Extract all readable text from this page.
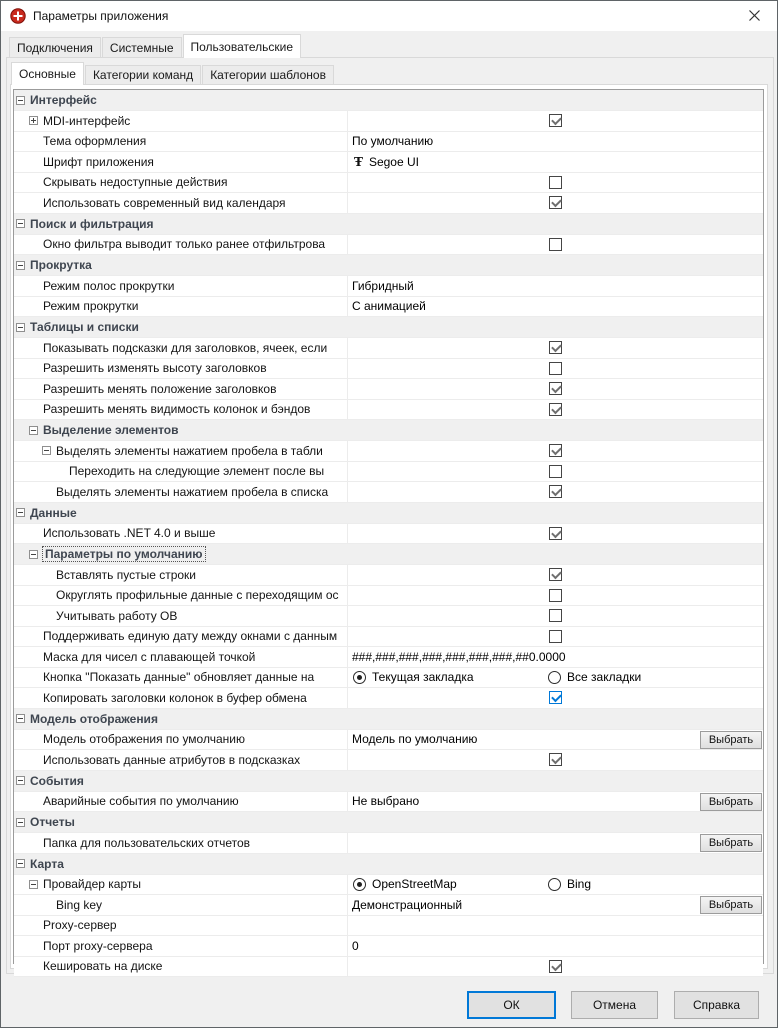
Параметры приложения
Подключения Системные Пользовательские
Основные Категории команд Категории шаблонов
Интерфейс
MDI-интерфейс
Тема оформления	По умолчанию
Шрифт приложения	Ŧ Segoe UI
Скрывать недоступные действия
Использовать современный вид календаря
Поиск и фильтрация
Окно фильтра выводит только ранее отфильтрова
Прокрутка
Режим полос прокрутки	Гибридный
Режим прокрутки	С анимацией
Таблицы и списки
Показывать подсказки для заголовков, ячеек, если
Разрешить изменять высоту заголовков
Разрешить менять положение заголовков
Разрешить менять видимость колонок и бэндов
Выделение элементов
Выделять элементы нажатием пробела в табли
Переходить на следующие элемент после вы
Выделять элементы нажатием пробела в списка
Данные
Использовать .NET 4.0 и выше
Параметры по умолчанию
Вставлять пустые строки
Округлять профильные данные с переходящим ос
Учитывать работу ОВ
Поддерживать единую дату между окнами с данным
Маска для чисел с плавающей точкой	###,###,###,###,###,###,###,##0.0000
Кнопка "Показать данные" обновляет данные на	Текущая закладка	Все закладки
Копировать заголовки колонок в буфер обмена
Модель отображения
Модель отображения по умолчанию	Модель по умолчанию	Выбрать
Использовать данные атрибутов в подсказках
События
Аварийные события по умолчанию	Не выбрано	Выбрать
Отчеты
Папка для пользовательских отчетов	Выбрать
Карта
Провайдер карты	OpenStreetMap	Bing
Bing key	Демонстрационный	Выбрать
Proxy-сервер
Порт proxy-сервера	0
Кешировать на диске
ОК	Отмена	Справка
